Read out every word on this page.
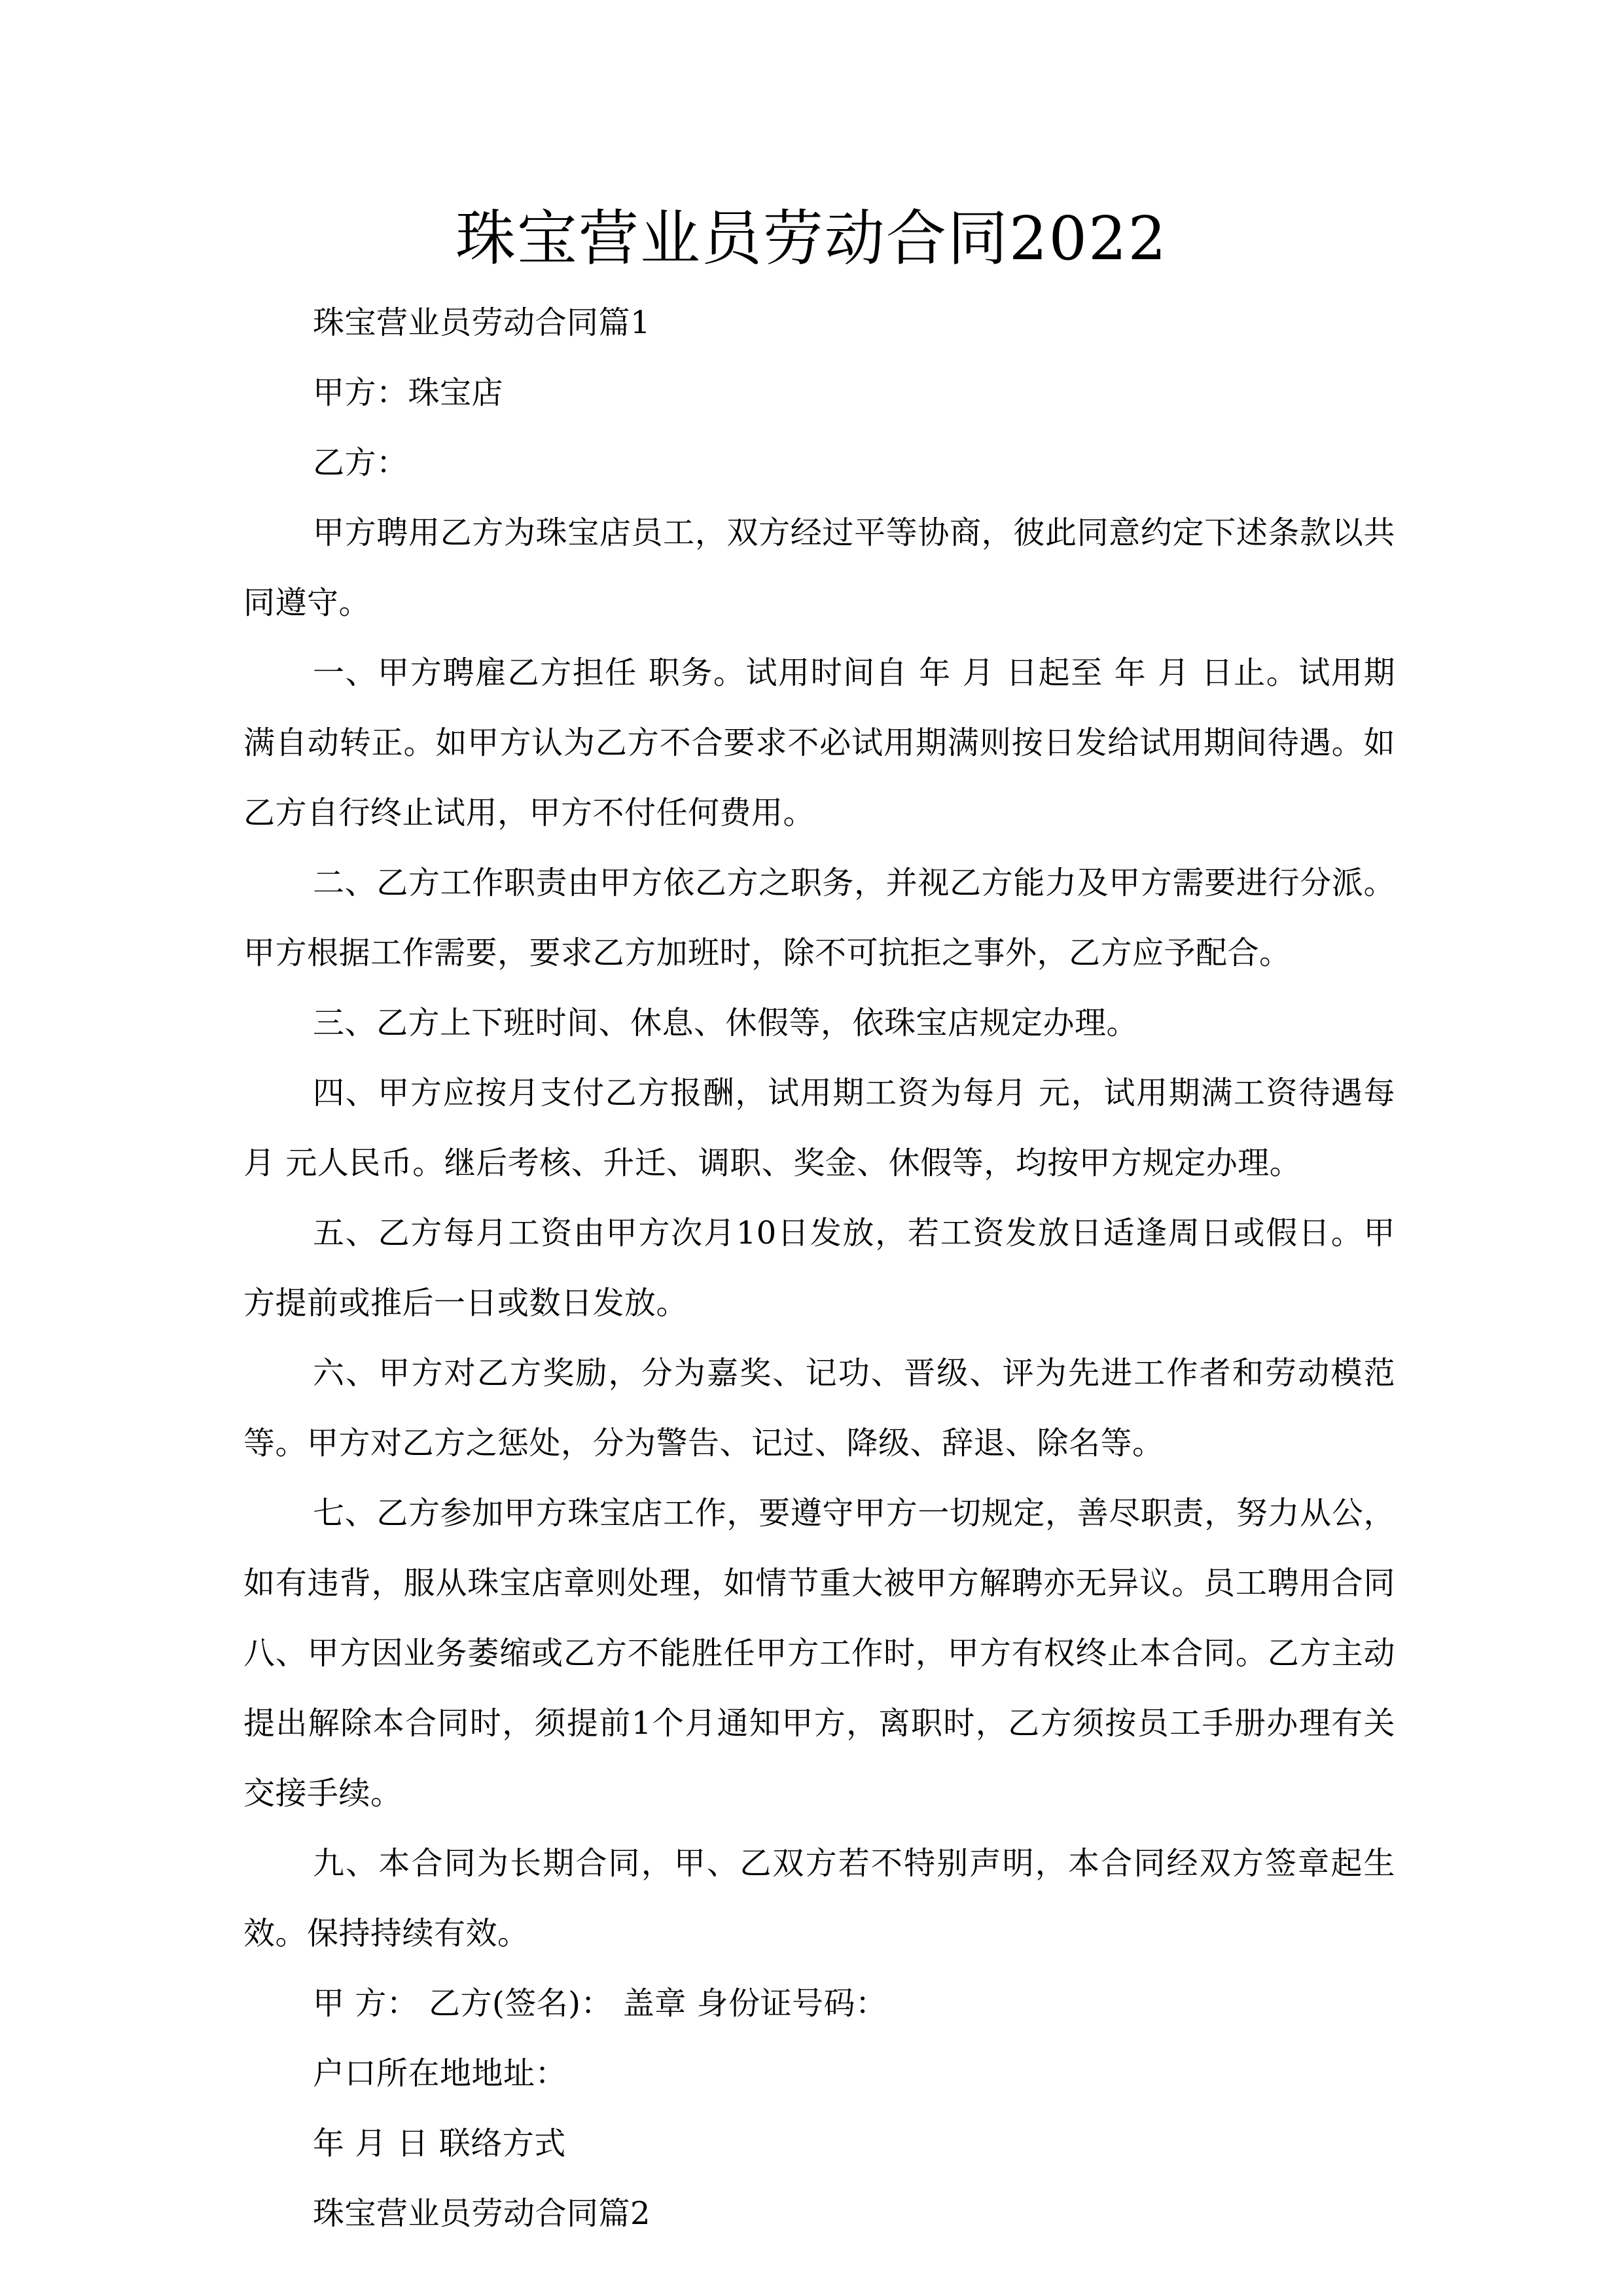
珠宝营业员劳动合同2022

珠宝营业员劳动合同篇1

甲方：珠宝店

乙方：

甲方聘用乙方为珠宝店员工，双方经过平等协商，彼此同意约定下述条款以共同遵守。

一、甲方聘雇乙方担任 职务。试用时间自 年 月 日起至 年 月 日止。试用期满自动转正。如甲方认为乙方不合要求不必试用期满则按日发给试用期间待遇。如乙方自行终止试用，甲方不付任何费用。

二、乙方工作职责由甲方依乙方之职务，并视乙方能力及甲方需要进行分派。甲方根据工作需要，要求乙方加班时，除不可抗拒之事外，乙方应予配合。

三、乙方上下班时间、休息、休假等，依珠宝店规定办理。

四、甲方应按月支付乙方报酬，试用期工资为每月 元，试用期满工资待遇每月 元人民币。继后考核、升迁、调职、奖金、休假等，均按甲方规定办理。

五、乙方每月工资由甲方次月10日发放，若工资发放日适逢周日或假日。甲方提前或推后一日或数日发放。

六、甲方对乙方奖励，分为嘉奖、记功、晋级、评为先进工作者和劳动模范等。甲方对乙方之惩处，分为警告、记过、降级、辞退、除名等。

七、乙方参加甲方珠宝店工作，要遵守甲方一切规定，善尽职责，努力从公，如有违背，服从珠宝店章则处理，如情节重大被甲方解聘亦无异议。员工聘用合同八、甲方因业务萎缩或乙方不能胜任甲方工作时，甲方有权终止本合同。乙方主动提出解除本合同时，须提前1个月通知甲方，离职时，乙方须按员工手册办理有关交接手续。

九、本合同为长期合同，甲、乙双方若不特别声明，本合同经双方签章起生效。保持持续有效。

甲 方： 乙方(签名)： 盖章 身份证号码：

户口所在地地址：

年 月 日 联络方式

珠宝营业员劳动合同篇2
